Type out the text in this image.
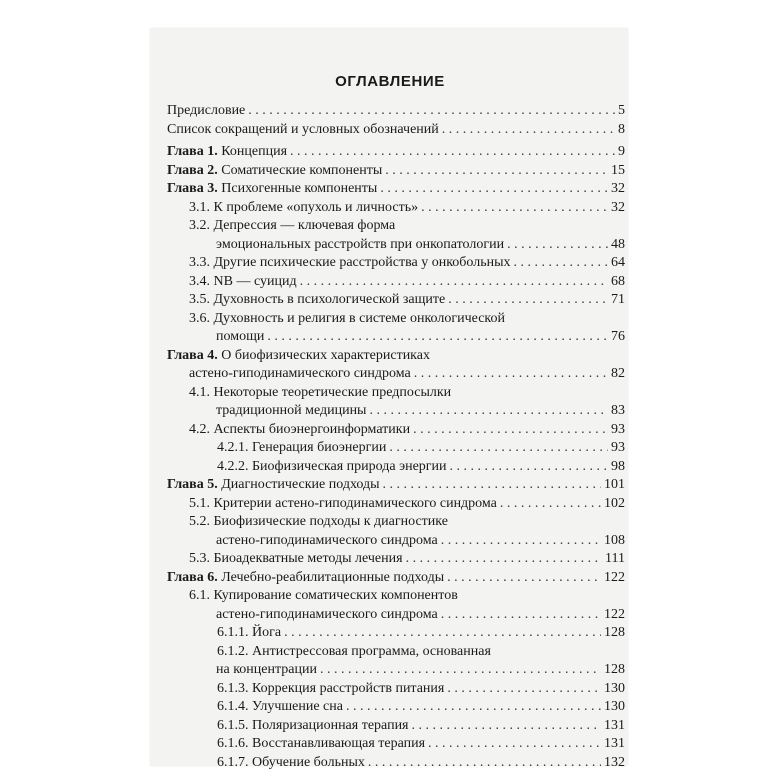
ОГЛАВЛЕНИЕ
Предисловие . . .	5
Список сокращений и условных обозначений . . .	8
Глава 1. Концепция . . .	9
Глава 2. Соматические компоненты . . .	15
Глава 3. Психогенные компоненты . . .	32
3.1. К проблеме «опухоль и личность» . . .	32
3.2. Депрессия — ключевая форма
эмоциональных расстройств при онкопатологии . . .	48
3.3. Другие психические расстройства у онкобольных . . .	64
3.4. NB — суицид . . .	68
3.5. Духовность в психологической защите . . .	71
3.6. Духовность и религия в системе онкологической
помощи . . .	76
Глава 4. О биофизических характеристиках
астено-гиподинамического синдрома . . .	82
4.1. Некоторые теоретические предпосылки
традиционной медицины . . .	83
4.2. Аспекты биоэнергоинформатики . . .	93
4.2.1. Генерация биоэнергии . . .	93
4.2.2. Биофизическая природа энергии . . .	98
Глава 5. Диагностические подходы . . .	101
5.1. Критерии астено-гиподинамического синдрома . . .	102
5.2. Биофизические подходы к диагностике
астено-гиподинамического синдрома . . .	108
5.3. Биоадекватные методы лечения . . .	111
Глава 6. Лечебно-реабилитационные подходы . . .	122
6.1. Купирование соматических компонентов
астено-гиподинамического синдрома . . .	122
6.1.1. Йога . . .	128
6.1.2. Антистрессовая программа, основанная
на концентрации . . .	128
6.1.3. Коррекция расстройств питания . . .	130
6.1.4. Улучшение сна . . .	130
6.1.5. Поляризационная терапия . . .	131
6.1.6. Восстанавливающая терапия . . .	131
6.1.7. Обучение больных . . .	132
